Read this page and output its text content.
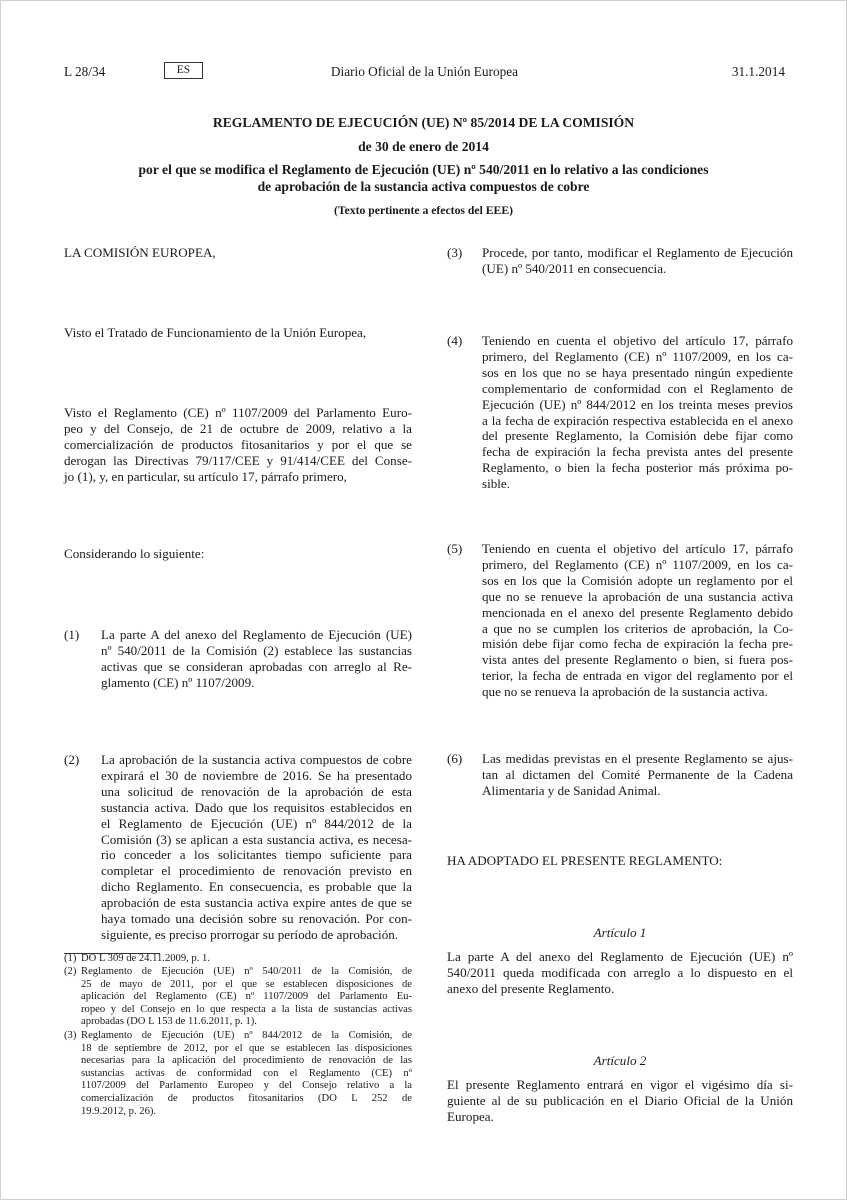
Diario Oficial de la Unión Europea
L 28/34	ES	31.1.2014
REGLAMENTO DE EJECUCIÓN (UE) Nº 85/2014 DE LA COMISIÓN
de 30 de enero de 2014
por el que se modifica el Reglamento de Ejecución (UE) nº 540/2011 en lo relativo a las condiciones
de aprobación de la sustancia activa compuestos de cobre
(Texto pertinente a efectos del EEE)
LA COMISIÓN EUROPEA,
Visto el Tratado de Funcionamiento de la Unión Europea,
Visto el Reglamento (CE) nº 1107/2009 del Parlamento Euro-
peo y del Consejo, de 21 de octubre de 2009, relativo a la
comercialización de productos fitosanitarios y por el que se
derogan las Directivas 79/117/CEE y 91/414/CEE del Conse-
jo (1), y, en particular, su artículo 17, párrafo primero,
Considerando lo siguiente:
(1)	La parte A del anexo del Reglamento de Ejecución (UE)
nº 540/2011 de la Comisión (2) establece las sustancias
activas que se consideran aprobadas con arreglo al Re-
glamento (CE) nº 1107/2009.
(2)	La aprobación de la sustancia activa compuestos de cobre
expirará el 30 de noviembre de 2016. Se ha presentado
una solicitud de renovación de la aprobación de esta
sustancia activa. Dado que los requisitos establecidos en
el Reglamento de Ejecución (UE) nº 844/2012 de la
Comisión (3) se aplican a esta sustancia activa, es necesa-
rio conceder a los solicitantes tiempo suficiente para
completar el procedimiento de renovación previsto en
dicho Reglamento. En consecuencia, es probable que la
aprobación de esta sustancia activa expire antes de que se
haya tomado una decisión sobre su renovación. Por con-
siguiente, es preciso prorrogar su período de aprobación.
(3)	Procede, por tanto, modificar el Reglamento de Ejecución
(UE) nº 540/2011 en consecuencia.
(4)	Teniendo en cuenta el objetivo del artículo 17, párrafo
primero, del Reglamento (CE) nº 1107/2009, en los ca-
sos en los que no se haya presentado ningún expediente
complementario de conformidad con el Reglamento de
Ejecución (UE) nº 844/2012 en los treinta meses previos
a la fecha de expiración respectiva establecida en el anexo
del presente Reglamento, la Comisión debe fijar como
fecha de expiración la fecha prevista antes del presente
Reglamento, o bien la fecha posterior más próxima po-
sible.
(5)	Teniendo en cuenta el objetivo del artículo 17, párrafo
primero, del Reglamento (CE) nº 1107/2009, en los ca-
sos en los que la Comisión adopte un reglamento por el
que no se renueve la aprobación de una sustancia activa
mencionada en el anexo del presente Reglamento debido
a que no se cumplen los criterios de aprobación, la Co-
misión debe fijar como fecha de expiración la fecha pre-
vista antes del presente Reglamento o bien, si fuera pos-
terior, la fecha de entrada en vigor del reglamento por el
que no se renueva la aprobación de la sustancia activa.
(6)	Las medidas previstas en el presente Reglamento se ajus-
tan al dictamen del Comité Permanente de la Cadena
Alimentaria y de Sanidad Animal.
HA ADOPTADO EL PRESENTE REGLAMENTO:
Artículo 1
La parte A del anexo del Reglamento de Ejecución (UE) nº
540/2011 queda modificada con arreglo a lo dispuesto en el
anexo del presente Reglamento.
Artículo 2
El presente Reglamento entrará en vigor el vigésimo día si-
guiente al de su publicación en el Diario Oficial de la Unión
Europea.
(1) DO L 309 de 24.11.2009, p. 1.
(2) Reglamento de Ejecución (UE) nº 540/2011 de la Comisión, de
25 de mayo de 2011, por el que se establecen disposiciones de
aplicación del Reglamento (CE) nº 1107/2009 del Parlamento Eu-
ropeo y del Consejo en lo que respecta a la lista de sustancias activas
aprobadas (DO L 153 de 11.6.2011, p. 1).
(3) Reglamento de Ejecución (UE) nº 844/2012 de la Comisión, de
18 de septiembre de 2012, por el que se establecen las disposiciones
necesarias para la aplicación del procedimiento de renovación de las
sustancias activas de conformidad con el Reglamento (CE) nº
1107/2009 del Parlamento Europeo y del Consejo relativo a la
comercialización de productos fitosanitarios (DO L 252 de
19.9.2012, p. 26).
